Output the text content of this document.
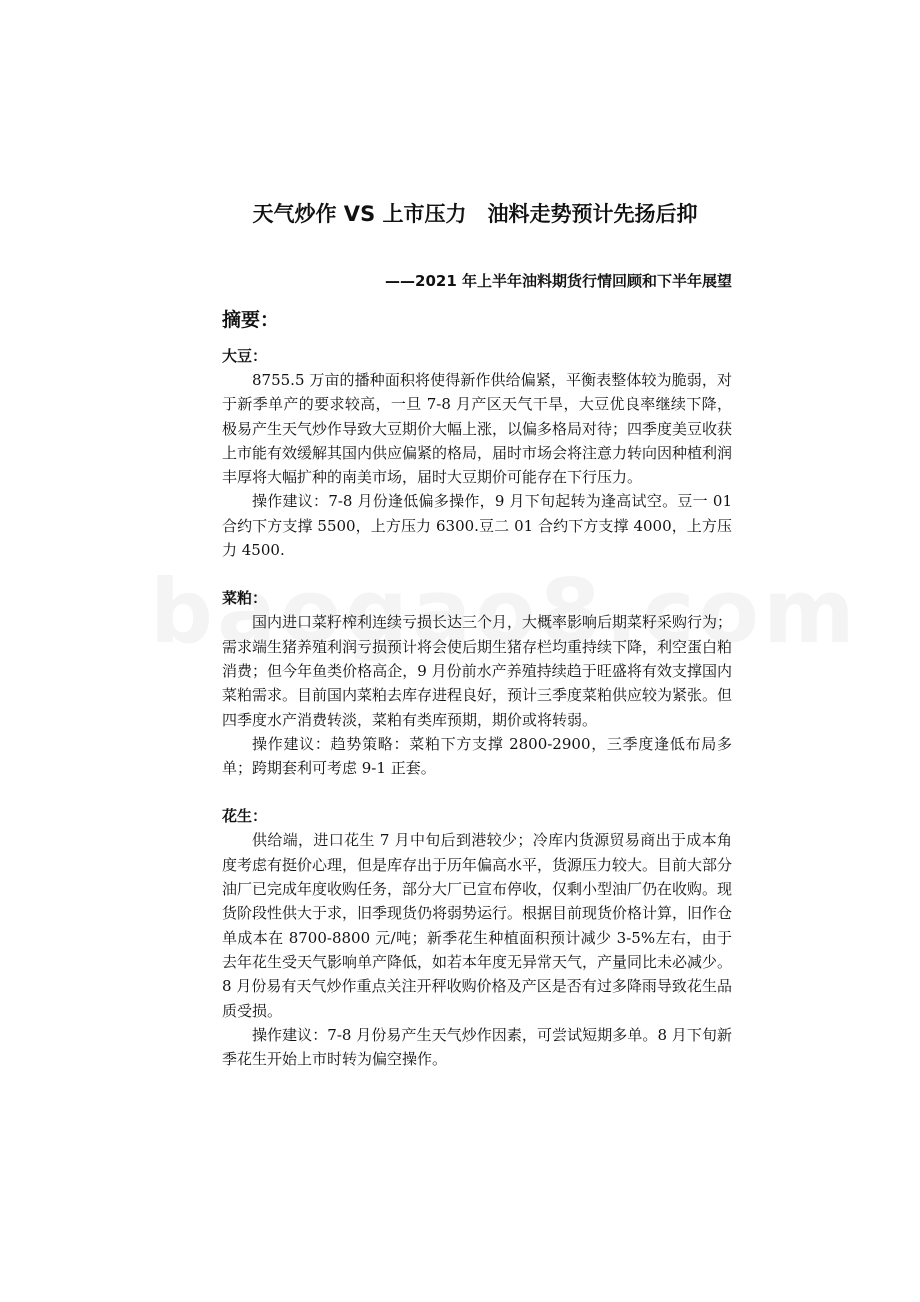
天气炒作 VS 上市压力　油料走势预计先扬后抑
——2021 年上半年油料期货行情回顾和下半年展望
摘要：
大豆：

8755.5 万亩的播种面积将使得新作供给偏紧，平衡表整体较为脆弱，对于新季单产的要求较高，一旦 7-8 月产区天气干旱，大豆优良率继续下降，极易产生天气炒作导致大豆期价大幅上涨，以偏多格局对待；四季度美豆收获上市能有效缓解其国内供应偏紧的格局，届时市场会将注意力转向因种植利润丰厚将大幅扩种的南美市场，届时大豆期价可能存在下行压力。

操作建议：7-8 月份逢低偏多操作，9 月下旬起转为逢高试空。豆一 01 合约下方支撑 5500，上方压力 6300.豆二 01 合约下方支撑 4000，上方压力 4500.

菜粕：

国内进口菜籽榨利连续亏损长达三个月，大概率影响后期菜籽采购行为；需求端生猪养殖利润亏损预计将会使后期生猪存栏均重持续下降，利空蛋白粕消费；但今年鱼类价格高企，9 月份前水产养殖持续趋于旺盛将有效支撑国内菜粕需求。目前国内菜粕去库存进程良好，预计三季度菜粕供应较为紧张。但四季度水产消费转淡，菜粕有类库预期，期价或将转弱。

操作建议：趋势策略：菜粕下方支撑 2800-2900，三季度逢低布局多单；跨期套利可考虑 9-1 正套。

花生：

供给端，进口花生 7 月中旬后到港较少；冷库内货源贸易商出于成本角度考虑有挺价心理，但是库存出于历年偏高水平，货源压力较大。目前大部分油厂已完成年度收购任务，部分大厂已宣布停收，仅剩小型油厂仍在收购。现货阶段性供大于求，旧季现货仍将弱势运行。根据目前现货价格计算，旧作仓单成本在 8700-8800 元/吨；新季花生种植面积预计减少 3-5%左右，由于去年花生受天气影响单产降低，如若本年度无异常天气，产量同比未必减少。8 月份易有天气炒作重点关注开秤收购价格及产区是否有过多降雨导致花生品质受损。

操作建议：7-8 月份易产生天气炒作因素，可尝试短期多单。8 月下旬新季花生开始上市时转为偏空操作。
